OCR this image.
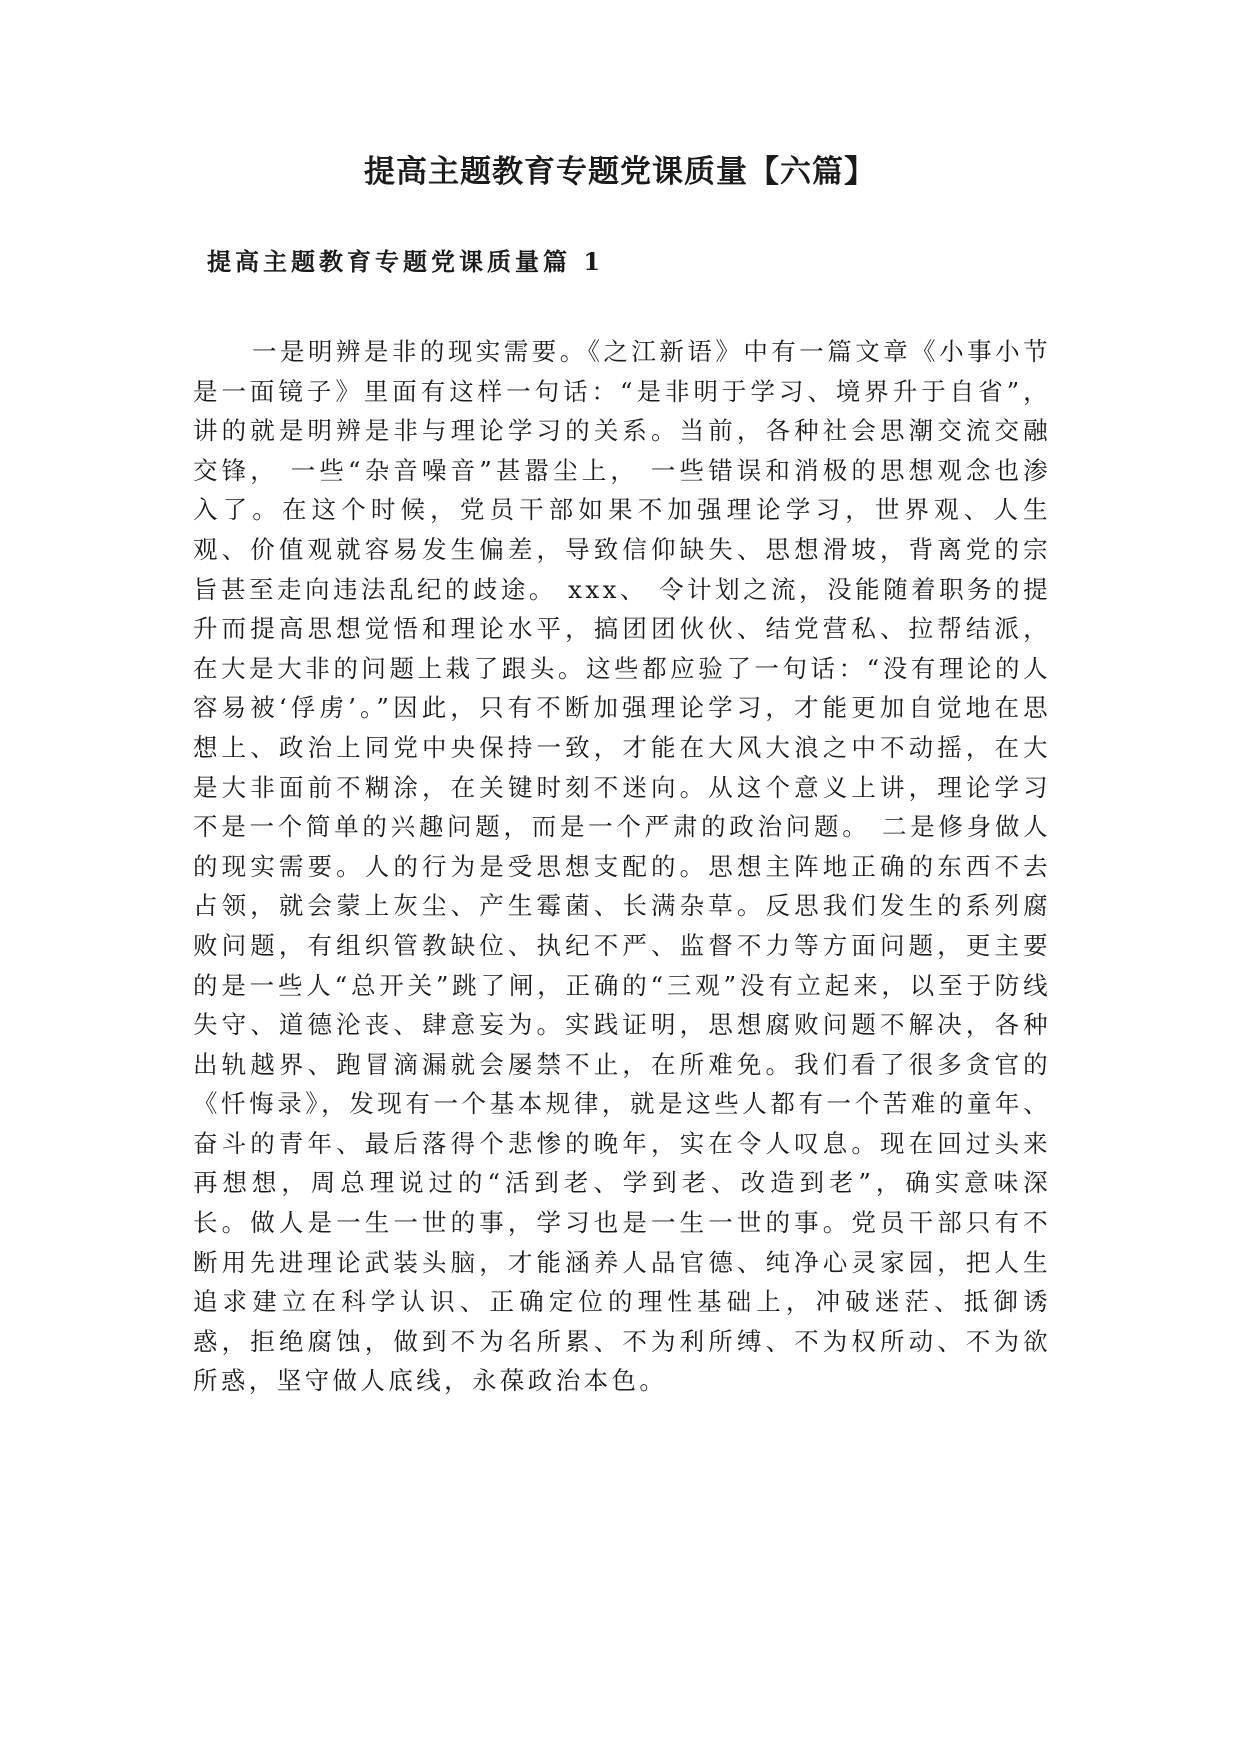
提高主题教育专题党课质量【六篇】
提高主题教育专题党课质量篇 1

一是明辨是非的现实需要。《之江新语》中有一篇文章《小事小节是一面镜子》里面有这样一句话：“是非明于学习、境界升于自省”，讲的就是明辨是非与理论学习的关系。当前，各种社会思潮交流交融交锋， 一些“杂音噪音”甚嚣尘上， 一些错误和消极的思想观念也渗入了。在这个时候，党员干部如果不加强理论学习，世界观、人生观、价值观就容易发生偏差，导致信仰缺失、思想滑坡，背离党的宗旨甚至走向违法乱纪的歧途。 xxx、 令计划之流，没能随着职务的提升而提高思想觉悟和理论水平，搞团团伙伙、结党营私、拉帮结派，在大是大非的问题上栽了跟头。这些都应验了一句话：“没有理论的人容易被‘俘虏’。”因此，只有不断加强理论学习，才能更加自觉地在思想上、政治上同党中央保持一致，才能在大风大浪之中不动摇，在大是大非面前不糊涂，在关键时刻不迷向。从这个意义上讲，理论学习不是一个简单的兴趣问题，而是一个严肃的政治问题。 二是修身做人的现实需要。人的行为是受思想支配的。思想主阵地正确的东西不去占领，就会蒙上灰尘、产生霉菌、长满杂草。反思我们发生的系列腐败问题，有组织管教缺位、执纪不严、监督不力等方面问题，更主要的是一些人“总开关”跳了闸，正确的“三观”没有立起来，以至于防线失守、道德沦丧、肆意妄为。实践证明，思想腐败问题不解决，各种出轨越界、跑冒滴漏就会屡禁不止，在所难免。我们看了很多贪官的《忏悔录》，发现有一个基本规律，就是这些人都有一个苦难的童年、奋斗的青年、最后落得个悲惨的晚年，实在令人叹息。现在回过头来再想想，周总理说过的“活到老、学到老、改造到老”，确实意味深长。做人是一生一世的事，学习也是一生一世的事。党员干部只有不断用先进理论武装头脑，才能涵养人品官德、纯净心灵家园，把人生追求建立在科学认识、正确定位的理性基础上，冲破迷茫、抵御诱惑，拒绝腐蚀，做到不为名所累、不为利所缚、不为权所动、不为欲所惑，坚守做人底线，永葆政治本色。
